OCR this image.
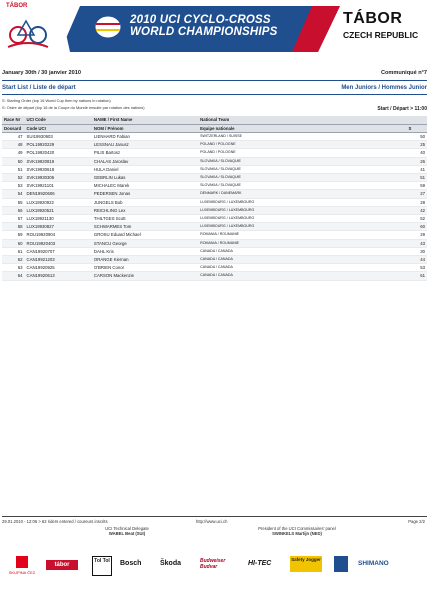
TÁBOR
2010 UCI CYCLO-CROSS
WORLD CHAMPIONSHIPS
TÁBOR
CZECH REPUBLIC
January 30th / 30 janvier 2010	Communiqué n°7
Start List / Liste de départ	Men Juniors / Hommes Junior
S: Starting Order (top 16 World Cup then by nations in rotation)
S: Ordre de départ (top 16 de la Coupe du Monde ensuite par rotation des nations)	Start / Départ > 11:00
Race Nr	UCI Code	NAME / First Name	National Team	
Dossard	Code UCI	NOM / Prénom	Equipe nationale	S
47	SUI19930903	LIENHARD Fabian	SWITZERLAND / SUISSE	50
48	POL19920229	LESSNAU Janusz	POLAND / POLOGNE	25
49	POL19920420	PILIS Bartosz	POLAND / POLOGNE	40
50	SVK19920819	CHALAS Jaroslav	SLOVAKIA / SLOVAQUIE	26
51	SVK19930618	HULA Daniel	SLOVAKIA / SLOVAQUIE	41
52	SVK19930306	GEBRLIN Lukas	SLOVAKIA / SLOVAQUIE	51
53	SVK19921101	MICHALEC Marek	SLOVAKIA / SLOVAQUIE	59
54	DEN19920606	PEDERSEN Jonas	DENMARK / DANEMARK	27
55	LUX19920922	JUNGELS Bob	LUXEMBOURG / LUXEMBOURG	28
56	LUX19920521	REICHLING Lex	LUXEMBOURG / LUXEMBOURG	42
57	LUX19921130	THILTGES Scott	LUXEMBOURG / LUXEMBOURG	52
58	LUX19930827	SCHWARMES Tom	LUXEMBOURG / LUXEMBOURG	60
59	ROU19920904	GROSU Eduard Michael	ROMANIA / ROUMANIE	29
60	ROU19920403	STANCU George	ROMANIA / ROUMANIE	43
61	CAN19920707	DAHL Kris	CANADA / CANADA	30
62	CAN19921203	ORANGE Kiernan	CANADA / CANADA	44
63	CAN19920925	O'BRIEN Conor	CANADA / CANADA	53
64	CAN19920613	CARSON Mackenzie	CANADA / CANADA	61
29.01.2010 - 12:06 > 62 riders entered / coureurs inscrits	http://www.uci.ch	Page 2/2
UCI Technical Delegate
WABEL Beat (SUI)
President of the UCI Commissaires' panel
SWINKELS Martijn (NED)
SKUPINA ČEZ
tábor
ToI ToI	Bosch	Škoda	Budweiser Budvar	HI-TEC
Safety Jogger
SHIMANO
